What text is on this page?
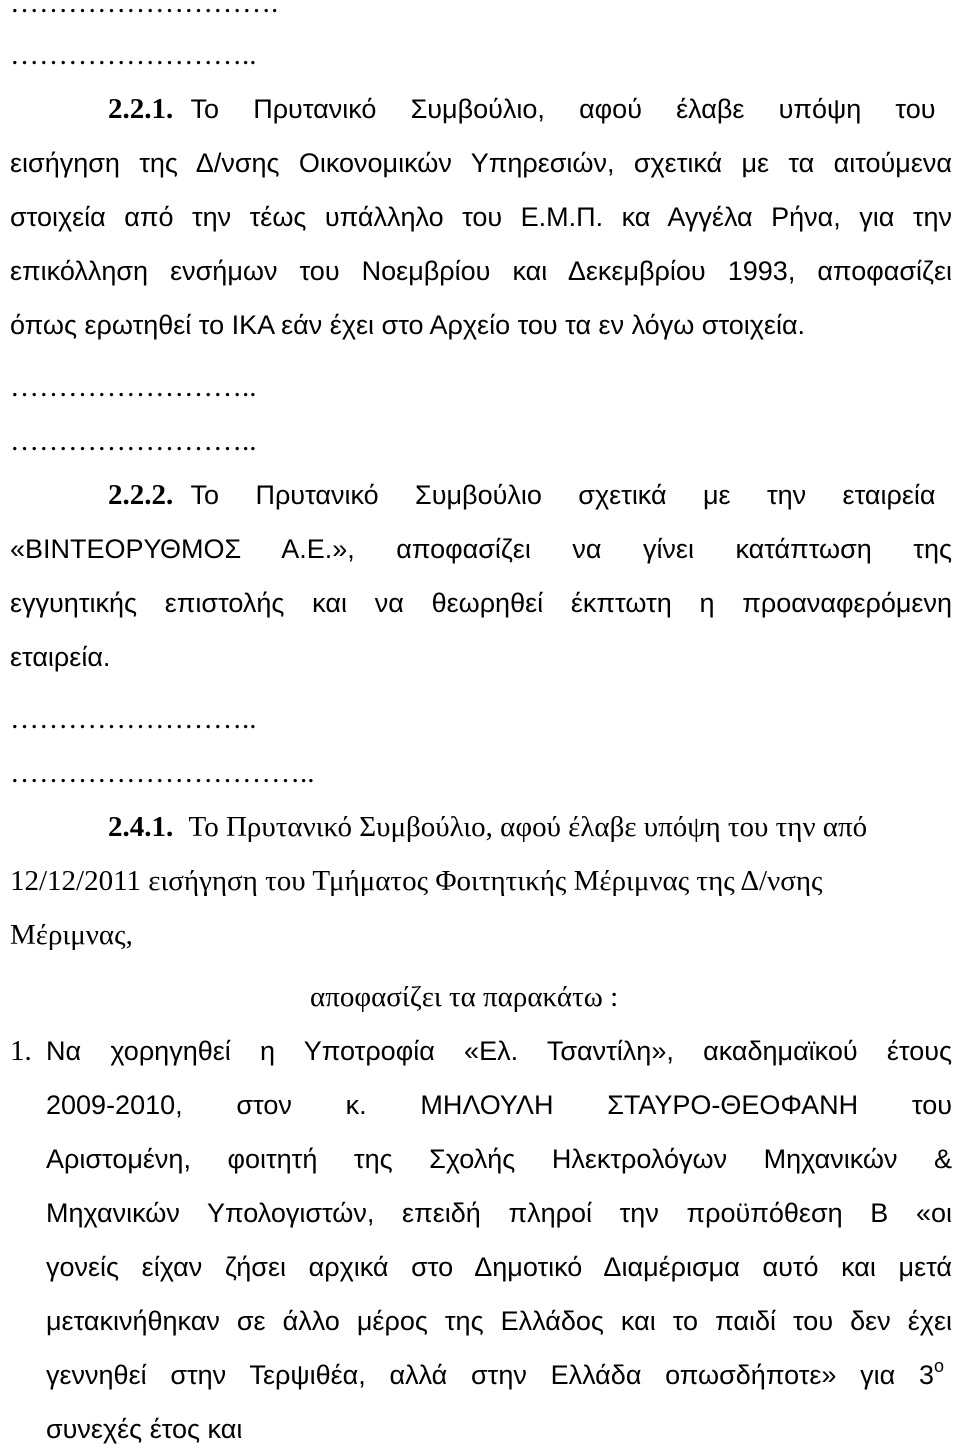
……………………….
……………………..
2.2.1. Το Πρυτανικό Συμβούλιο, αφού έλαβε υπόψη του
εισήγηση της Δ/νσης Οικονομικών Υπηρεσιών, σχετικά με τα αιτούμενα
στοιχεία από την τέως υπάλληλο του Ε.Μ.Π. κα Αγγέλα Ρήνα, για την
επικόλληση ενσήμων του Νοεμβρίου και Δεκεμβρίου 1993, αποφασίζει
όπως ερωτηθεί το ΙΚΑ εάν έχει στο Αρχείο του τα εν λόγω στοιχεία.
……………………..
……………………..
2.2.2. Το Πρυτανικό Συμβούλιο σχετικά με την εταιρεία
«ΒΙΝΤΕΟΡΥΘΜΟΣ Α.Ε.», αποφασίζει να γίνει κατάπτωση της
εγγυητικής επιστολής και να θεωρηθεί έκπτωτη η προαναφερόμενη
εταιρεία.
……………………..
…………………………..
2.4.1. Το Πρυτανικό Συμβούλιο, αφού έλαβε υπόψη του την από
12/12/2011 εισήγηση του Τμήματος Φοιτητικής Μέριμνας της Δ/νσης
Μέριμνας,
αποφασίζει τα παρακάτω :
1. Να χορηγηθεί η Υποτροφία «Ελ. Τσαντίλη», ακαδημαϊκού έτους
2009-2010, στον κ. ΜΗΛΟΥΛΗ ΣΤΑΥΡΟ-ΘΕΟΦΑΝΗ του
Αριστομένη, φοιτητή της Σχολής Ηλεκτρολόγων Μηχανικών &
Μηχανικών Υπολογιστών, επειδή πληροί την προϋπόθεση Β «οι
γονείς είχαν ζήσει αρχικά στο Δημοτικό Διαμέρισμα αυτό και μετά
μετακινήθηκαν σε άλλο μέρος της Ελλάδος και το παιδί του δεν έχει
γεννηθεί στην Τερψιθέα, αλλά στην Ελλάδα οπωσδήποτε» για $3^o$
συνεχές έτος και
